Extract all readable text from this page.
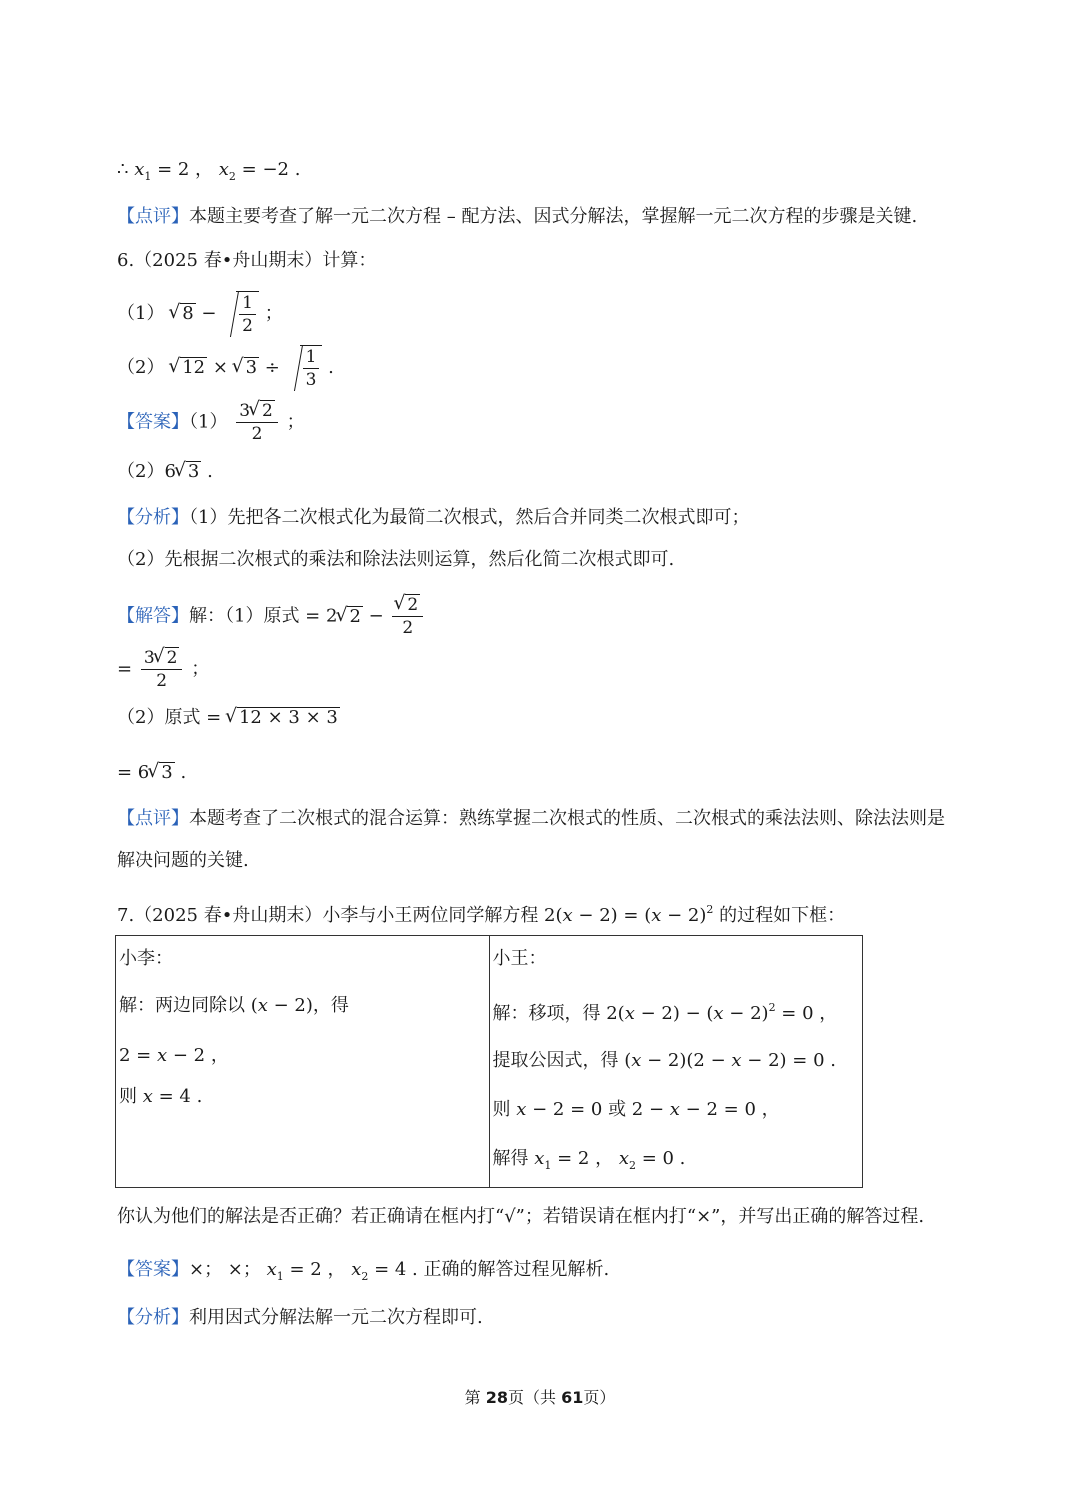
∴ $x_1 = 2$ ， $x_2 = -2$ .
【点评】本题主要考查了解一元二次方程 – 配方法、因式分解法，掌握解一元二次方程的步骤是关键.
6.（2025 春•舟山期末）计算：
（1） √ $8 - \frac{1}{2}$ ；
（2） √ 12 × √ $3 \div \frac{1}{3}$ .
【答案】$(1) \frac{3 √ 2}{2}$ ；
（2）6 √ 3 .
【分析】（1）先把各二次根式化为最简二次根式，然后合并同类二次根式即可；
（2）先根据二次根式的乘法和除法法则运算，然后化简二次根式即可.
【解答】解：（1）原式 = 2 √ 2 − √ $\frac{2}{2}$
= $\frac{3 √ 2}{2}$ ；
（2）原式 = √ 12 × 3 × 3
= 6 √ 3 .
【点评】本题考查了二次根式的混合运算：熟练掌握二次根式的性质、二次根式的乘法法则、除法法则是
解决问题的关键.
7.（2025 春•舟山期末）小李与小王两位同学解方程 $2(x - 2) = (x - 2)^2$ 的过程如下框：
小李：
解：两边同除以 (x − 2)，得
2 = x − 2 ，
则 x = 4 .
小王：
解：移项，得 $2(x - 2) - (x - 2)^2 = 0$ ，
提取公因式，得 (x − 2)(2 − x − 2) = 0 .
则 x − 2 = 0 或 2 − x − 2 = 0 ，
解得 $x_1 = 2$ ， $x_2 = 0$ .
你认为他们的解法是否正确？若正确请在框内打“√”；若错误请在框内打“×”，并写出正确的解答过程.
【答案】×； ×； $x_1 = 2$ ， $x_2 = 4$ . 正确的解答过程见解析.
【分析】利用因式分解法解一元二次方程即可.
第 28页（共 61页）
